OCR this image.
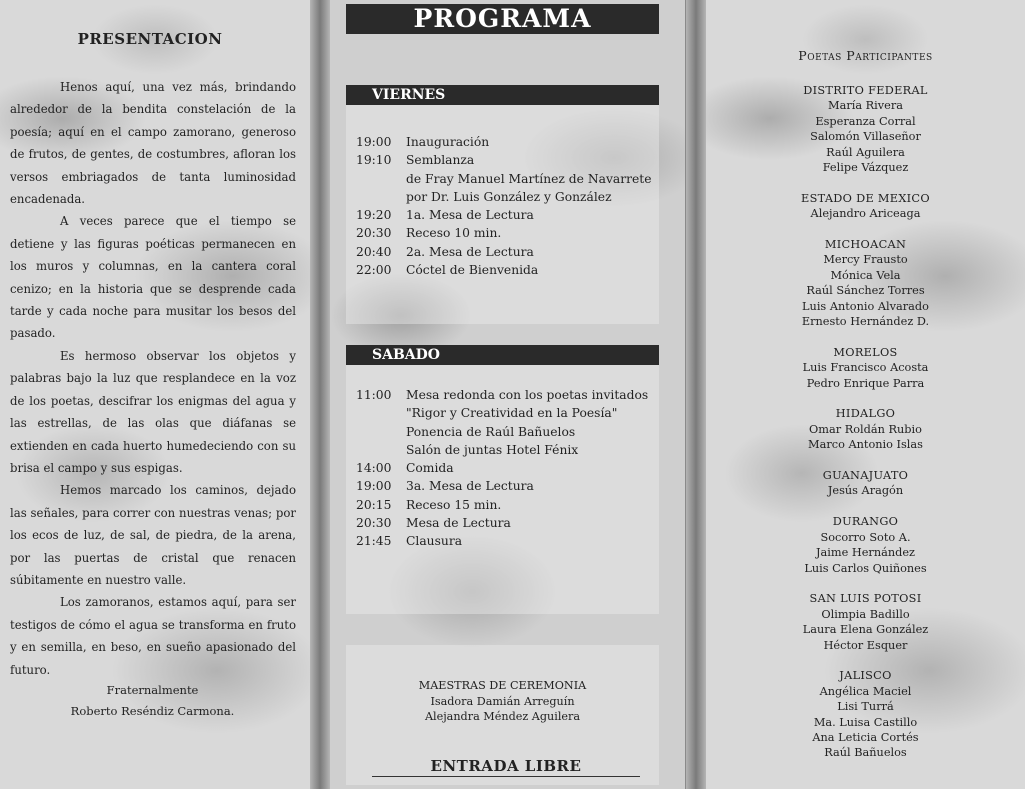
PRESENTACION

Henos aquí, una vez más, brindando alrededor de la bendita constelación de la poesía; aquí en el campo zamorano, generoso de frutos, de gentes, de costumbres, afloran los versos embriagados de tanta luminosidad encadenada.

A veces parece que el tiempo se detiene y las figuras poéticas permanecen en los muros y columnas, en la cantera coral cenizo; en la historia que se desprende cada tarde y cada noche para musitar los besos del pasado.

Es hermoso observar los objetos y palabras bajo la luz que resplandece en la voz de los poetas, descifrar los enigmas del agua y las estrellas, de las olas que diáfanas se extienden en cada huerto humedeciendo con su brisa el campo y sus espigas.

Hemos marcado los caminos, dejado las señales, para correr con nuestras venas; por los ecos de luz, de sal, de piedra, de la arena, por las puertas de cristal que renacen súbitamente en nuestro valle.

Los zamoranos, estamos aquí, para ser testigos de cómo el agua se transforma en fruto y en semilla, en beso, en sueño apasionado del futuro.

Fraternalmente
Roberto Reséndiz Carmona.
PROGRAMA
VIERNES
19:00	Inauguración
19:10	Semblanza
de Fray Manuel Martínez de Navarrete
por Dr. Luis González y González
19:20	1a. Mesa de Lectura
20:30	Receso 10 min.
20:40	2a. Mesa de Lectura
22:00	Cóctel de Bienvenida
SABADO
11:00	Mesa redonda con los poetas invitados
"Rigor y Creatividad en la Poesía"
Ponencia de Raúl Bañuelos
Salón de juntas Hotel Fénix
14:00	Comida
19:00	3a. Mesa de Lectura
20:15	Receso 15 min.
20:30	Mesa de Lectura
21:45	Clausura
MAESTRAS DE CEREMONIA
Isadora Damián Arreguín
Alejandra Méndez Aguilera
ENTRADA LIBRE
Poetas Participantes
DISTRITO FEDERAL
María Rivera
Esperanza Corral
Salomón Villaseñor
Raúl Aguilera
Felipe Vázquez
ESTADO DE MEXICO
Alejandro Ariceaga
MICHOACAN
Mercy Frausto
Mónica Vela
Raúl Sánchez Torres
Luis Antonio Alvarado
Ernesto Hernández D.
MORELOS
Luis Francisco Acosta
Pedro Enrique Parra
HIDALGO
Omar Roldán Rubio
Marco Antonio Islas
GUANAJUATO
Jesús Aragón
DURANGO
Socorro Soto A.
Jaime Hernández
Luis Carlos Quiñones
SAN LUIS POTOSI
Olimpia Badillo
Laura Elena González
Héctor Esquer
JALISCO
Angélica Maciel
Lisi Turrá
Ma. Luisa Castillo
Ana Leticia Cortés
Raúl Bañuelos
